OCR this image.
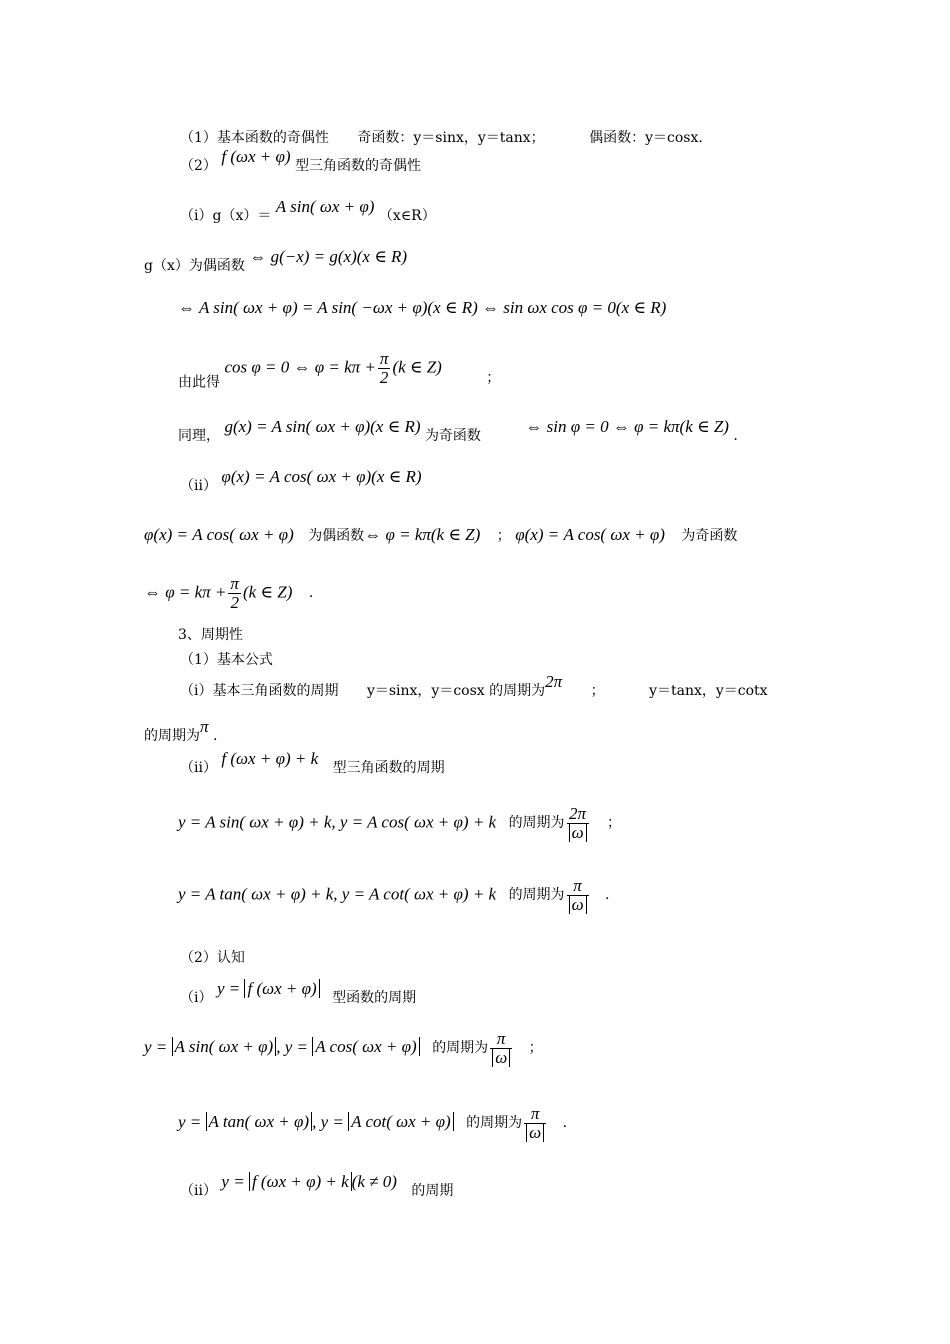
（1）基本函数的奇偶性 奇函数：y＝sinx，y＝tanx；	偶函数：y＝cosx.
（2） f (ωx + φ) 型三角函数的奇偶性
（ⅰ）g（x）＝ A sin( ωx + φ) （x∈R）
g（x）为偶函数 ⇔ g(−x) = g(x)(x ∈ R)
⇔ A sin( ωx + φ) = A sin( −ωx + φ)(x ∈ R) ⇔ sin ωx cos φ = 0(x ∈ R)
由此得 cos φ = 0 ⇔ $\varphi = k\pi + \frac{\pi}{2} (k$ ∈ Z) ；
同理， g(x) = A sin( ωx + φ)(x ∈ R) 为奇函数	⇔ sin φ = 0 ⇔ φ = kπ(k ∈ Z) .
（ⅱ） φ(x) = A cos( ωx + φ)(x ∈ R)
φ(x) = A cos( ωx + φ) 为偶函数⇔ φ = kπ(k ∈ Z) ； φ(x) = A cos( ωx + φ) 为奇函数
⇔ $\varphi = k\pi + \frac{\pi}{2} (k$ ∈ Z) .
3、周期性
（1）基本公式
（ⅰ）基本三角函数的周期 y＝sinx，y＝cosx 的周期为2π ；	y＝tanx，y＝cotx
的周期为π .
（ⅱ） f (ωx + φ) + k 型三角函数的周期
y = A sin( ωx + φ) + k, y = A cos( ωx + φ) + k 的周期为 $\frac{2\pi}{\omega}$ ；
y = A tan( ωx + φ) + k, y = A cot( ωx + φ) + k 的周期为 $\frac{\pi}{\omega}$ .
（2）认知
（ⅰ） y = f (ωx + φ) 型函数的周期
y = A sin( ωx + φ) , y = A cos( ωx + φ) 的周期为 $\frac{\pi}{\omega}$ ；
y = A tan( ωx + φ) , y = A cot( ωx + φ) 的周期为 $\frac{\pi}{\omega}$ .
（ⅱ） y = f (ωx + φ) + k (k ≠ 0) 的周期
